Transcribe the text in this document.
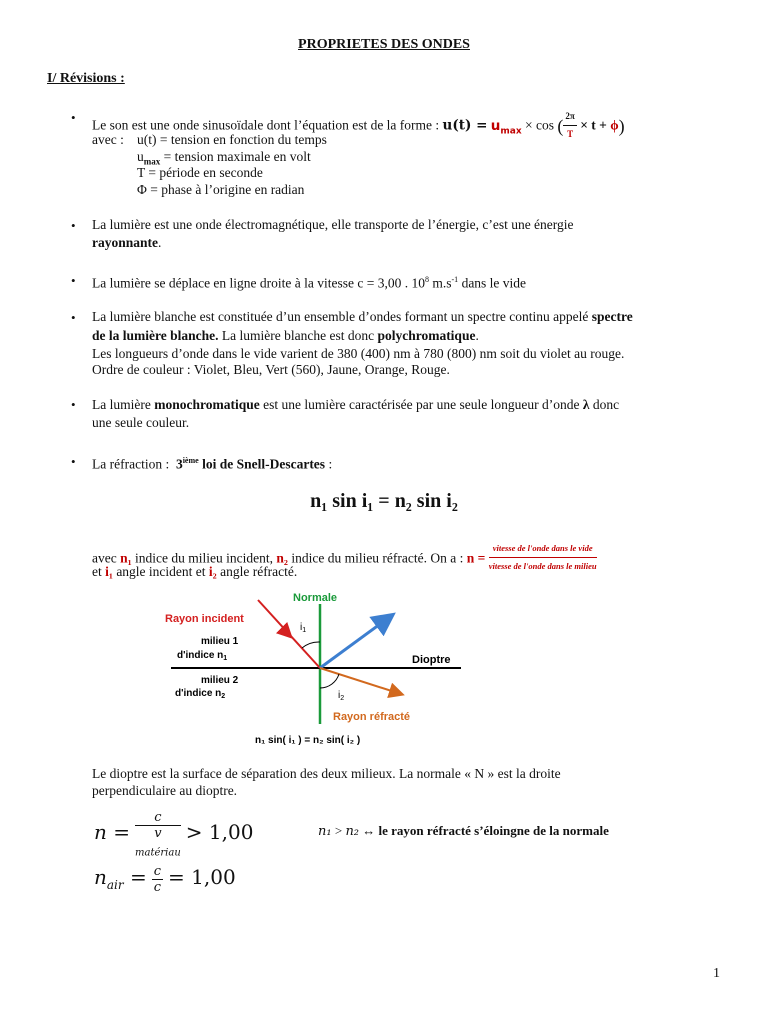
PROPRIETES DES ONDES
I/ Révisions :
•
Le son est une onde sinusoïdale dont l’équation est de la forme : $u(t) = u_{max} \times \cos$ ( $\frac{2\pi}{T} \times t + \phi$)
avec : u(t) = tension en fonction du temps
$u_{max}$ = tension maximale en volt
T = période en seconde
Φ = phase à l’origine en radian
• La lumière est une onde électromagnétique, elle transporte de l’énergie, c’est une énergie
rayonnante.
• La lumière se déplace en ligne droite à la vitesse c = 3,00 . $10^8$ $m.s^{-1}$ dans le vide
• La lumière blanche est constituée d’un ensemble d’ondes formant un spectre continu appelé spectre
de la lumière blanche. La lumière blanche est donc polychromatique.
Les longueurs d’onde dans le vide varient de 380 (400) nm à 780 (800) nm soit du violet au rouge.
Ordre de couleur : Violet, Bleu, Vert (560), Jaune, Orange, Rouge.
• La lumière monochromatique est une lumière caractérisée par une seule longueur d’onde λ donc
une seule couleur.
• La réfraction : 3ième loi de Snell-Descartes :
n₁ sin i₁ = n₂ sin i₂
avec n₁ indice du milieu incident, n₂ indice du milieu réfracté. On a : $n = \frac{\text{vitesse de l'onde dans le vide}}{\text{vitesse de l'onde dans le milieu}}$
et i₁ angle incident et i₂ angle réfracté.
Normale
Rayon incident
milieu 1
d'indice $n_1$
milieu 2
d'indice $n_2$
Dioptre
$i_1$
$i_2$
Rayon réfracté
n₁ sin( i₁ ) = n₂ sin( i₂ )
Le dioptre est la surface de séparation des deux milieux. La normale « N » est la droite
perpendiculaire au dioptre.
n = c
v
$_{matériau}$ > 1,00	n₁ > n₂ ↔ le rayon réfracté s’éloingne de la normale
$n_{air} = \frac{c}{c} = 1,00$
1
